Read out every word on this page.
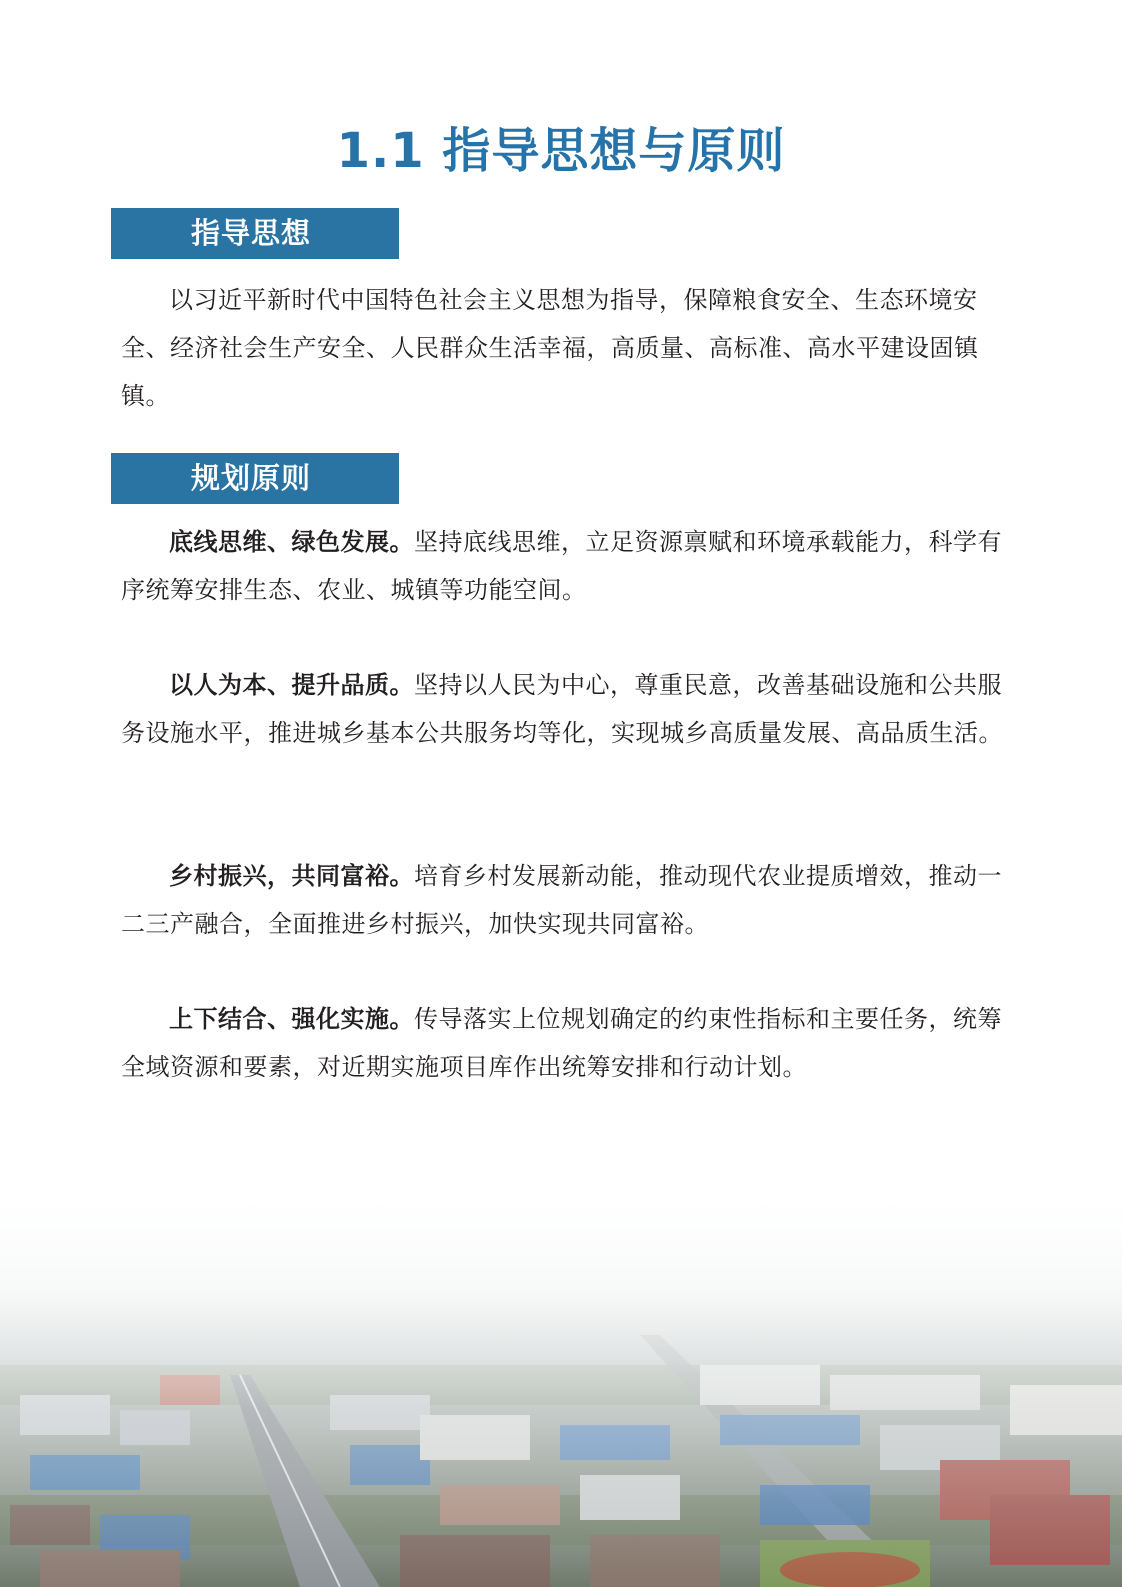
1.1 指导思想与原则
指导思想

以习近平新时代中国特色社会主义思想为指导，保障粮食安全、生态环境安全、经济社会生产安全、人民群众生活幸福，高质量、高标准、高水平建设固镇镇。

规划原则

底线思维、绿色发展。坚持底线思维，立足资源禀赋和环境承载能力，科学有序统筹安排生态、农业、城镇等功能空间。

以人为本、提升品质。坚持以人民为中心，尊重民意，改善基础设施和公共服务设施水平，推进城乡基本公共服务均等化，实现城乡高质量发展、高品质生活。

乡村振兴，共同富裕。培育乡村发展新动能，推动现代农业提质增效，推动一二三产融合，全面推进乡村振兴，加快实现共同富裕。

上下结合、强化实施。传导落实上位规划确定的约束性指标和主要任务，统筹全域资源和要素，对近期实施项目库作出统筹安排和行动计划。
